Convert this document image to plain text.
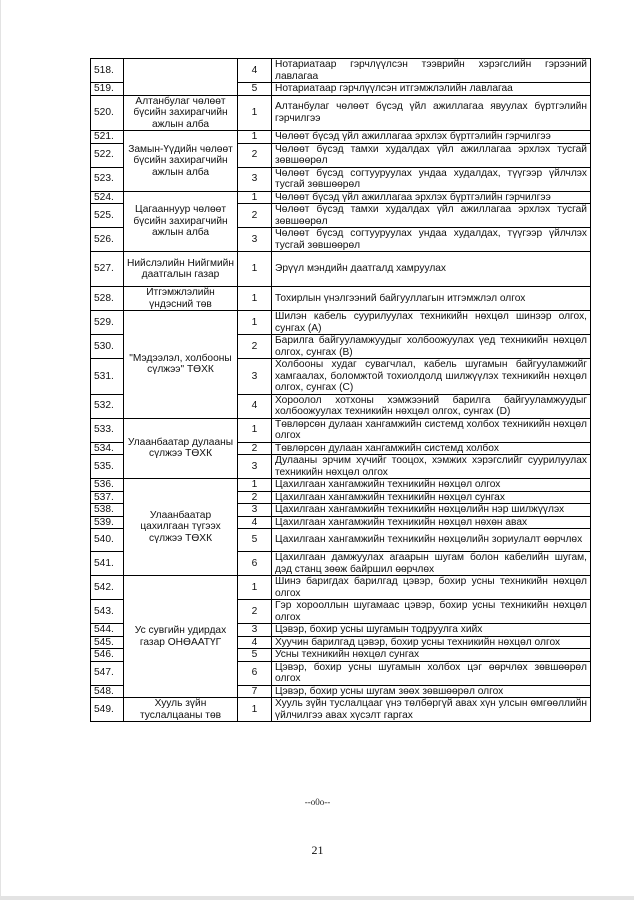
518.		4	Нотариатаар гэрчлүүлсэн тээврийн хэрэгслийн гэрээний лавлагаа
519.		5	Нотариатаар гэрчлүүлсэн итгэмжлэлийн лавлагаа
520.	Алтанбулаг чөлөөт бүсийн захирагчийн ажлын алба	1	Алтанбулаг чөлөөт бүсэд үйл ажиллагаа явуулах бүртгэлийн гэрчилгээ
521.	Замын-Үүдийн чөлөөт бүсийн захирагчийн ажлын алба	1	Чөлөөт бүсэд үйл ажиллагаа эрхлэх бүртгэлийн гэрчилгээ
522.		2	Чөлөөт бүсэд тамхи худалдах үйл ажиллагаа эрхлэх тусгай зөвшөөрөл
523.		3	Чөлөөт бүсэд согтууруулах ундаа худалдах, түүгээр үйлчлэх тусгай зөвшөөрөл
524.	Цагааннуур чөлөөт бүсийн захирагчийн ажлын алба	1	Чөлөөт бүсэд үйл ажиллагаа эрхлэх бүртгэлийн гэрчилгээ
525.		2	Чөлөөт бүсэд тамхи худалдах үйл ажиллагаа эрхлэх тусгай зөвшөөрөл
526.		3	Чөлөөт бүсэд согтууруулах ундаа худалдах, түүгээр үйлчлэх тусгай зөвшөөрөл
527.	Нийслэлийн Нийгмийн даатгалын газар	1	Эрүүл мэндийн даатгалд хамруулах
528.	Итгэмжлэлийн үндэсний төв	1	Тохирлын үнэлгээний байгууллагын итгэмжлэл олгох
529.	"Мэдээлэл, холбооны сүлжээ" ТӨХК	1	Шилэн кабель суурилуулах техникийн нөхцөл шинээр олгох, сунгах (A)
530.		2	Барилга байгууламжуудыг холбоожуулах үед техникийн нөхцөл олгох, сунгах (B)
531.		3	Холбооны худаг сувагчлал, кабель шугамын байгууламжийг хамгаалах, боломжтой тохиолдолд шилжүүлэх техникийн нөхцөл олгох, сунгах (C)
532.		4	Хороолол хотхоны хэмжээний барилга байгууламжуудыг холбоожуулах техникийн нөхцөл олгох, сунгах (D)
533.	Улаанбаатар дулааны сүлжээ ТӨХК	1	Төвлөрсөн дулаан хангамжийн системд холбох техникийн нөхцөл олгох
534.		2	Төвлөрсөн дулаан хангамжийн системд холбох
535.		3	Дулааны эрчим хүчийг тооцох, хэмжих хэрэгслийг суурилуулах техникийн нөхцөл олгох
536.	Улаанбаатар цахилгаан түгээх сүлжээ ТӨХК	1	Цахилгаан хангамжийн техникийн нөхцөл олгох
537.		2	Цахилгаан хангамжийн техникийн нөхцөл сунгах
538.		3	Цахилгаан хангамжийн техникийн нөхцөлийн нэр шилжүүлэх
539.		4	Цахилгаан хангамжийн техникийн нөхцөл нөхөн авах
540.		5	Цахилгаан хангамжийн техникийн нөхцөлийн зориулалт өөрчлөх
541.		6	Цахилгаан дамжуулах агаарын шугам болон кабелийн шугам, дэд станц зөөж байршил өөрчлөх
542.	Ус сувгийн удирдах газар ОНӨААТҮГ	1	Шинэ баригдах барилгад цэвэр, бохир усны техникийн нөхцөл олгох
543.		2	Гэр хорооллын шугамаас цэвэр, бохир усны техникийн нөхцөл олгох
544.		3	Цэвэр, бохир усны шугамын тодруулга хийх
545.		4	Хуучин барилгад цэвэр, бохир усны техникийн нөхцөл олгох
546.		5	Усны техникийн нөхцөл сунгах
547.		6	Цэвэр, бохир усны шугамын холбох цэг өөрчлөх зөвшөөрөл олгох
548.		7	Цэвэр, бохир усны шугам зөөх зөвшөөрөл олгох
549.	Хууль зүйн туслалцааны төв	1	Хууль зүйн туслалцааг үнэ төлбөргүй авах хүн улсын өмгөөллийн үйлчилгээ авах хүсэлт гаргах
--o0o--
21
